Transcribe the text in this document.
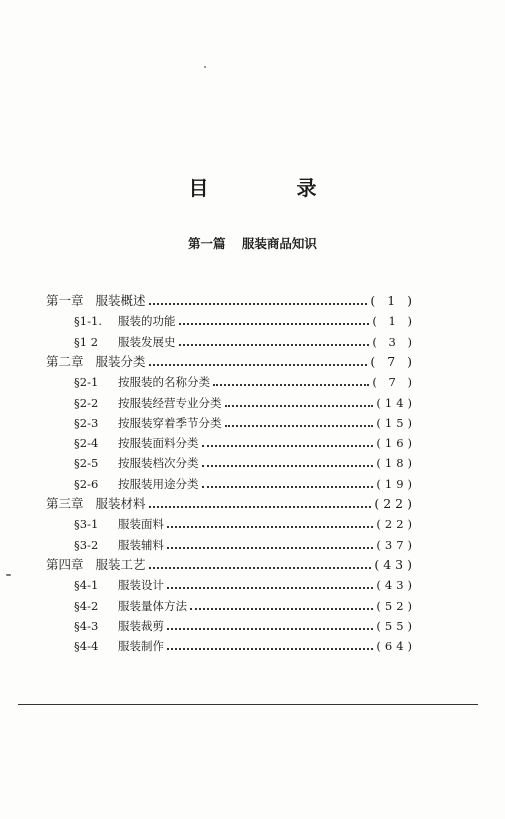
目　录
第一篇 服装商品知识
第一章 服装概述	( 1 )
§1-1.	服装的功能	( 1 )
§1 2	服装发展史	( 3 )
第二章 服装分类	( 7 )
§2-1	按服装的名称分类	( 7 )
§2-2	按服装经营专业分类	(14)
§2-3	按服装穿着季节分类	(15)
§2-4	按服装面料分类	(16)
§2-5	按服装档次分类	(18)
§2-6	按服装用途分类	(19)
第三章 服装材料	(22)
§3-1	服装面料	(22)
§3-2	服装辅料	(37)
第四章 服装工艺	(43)
§4-1	服装设计	(43)
§4-2	服装量体方法	(52)
§4-3	服装裁剪	(55)
§4-4	服装制作	(64)
